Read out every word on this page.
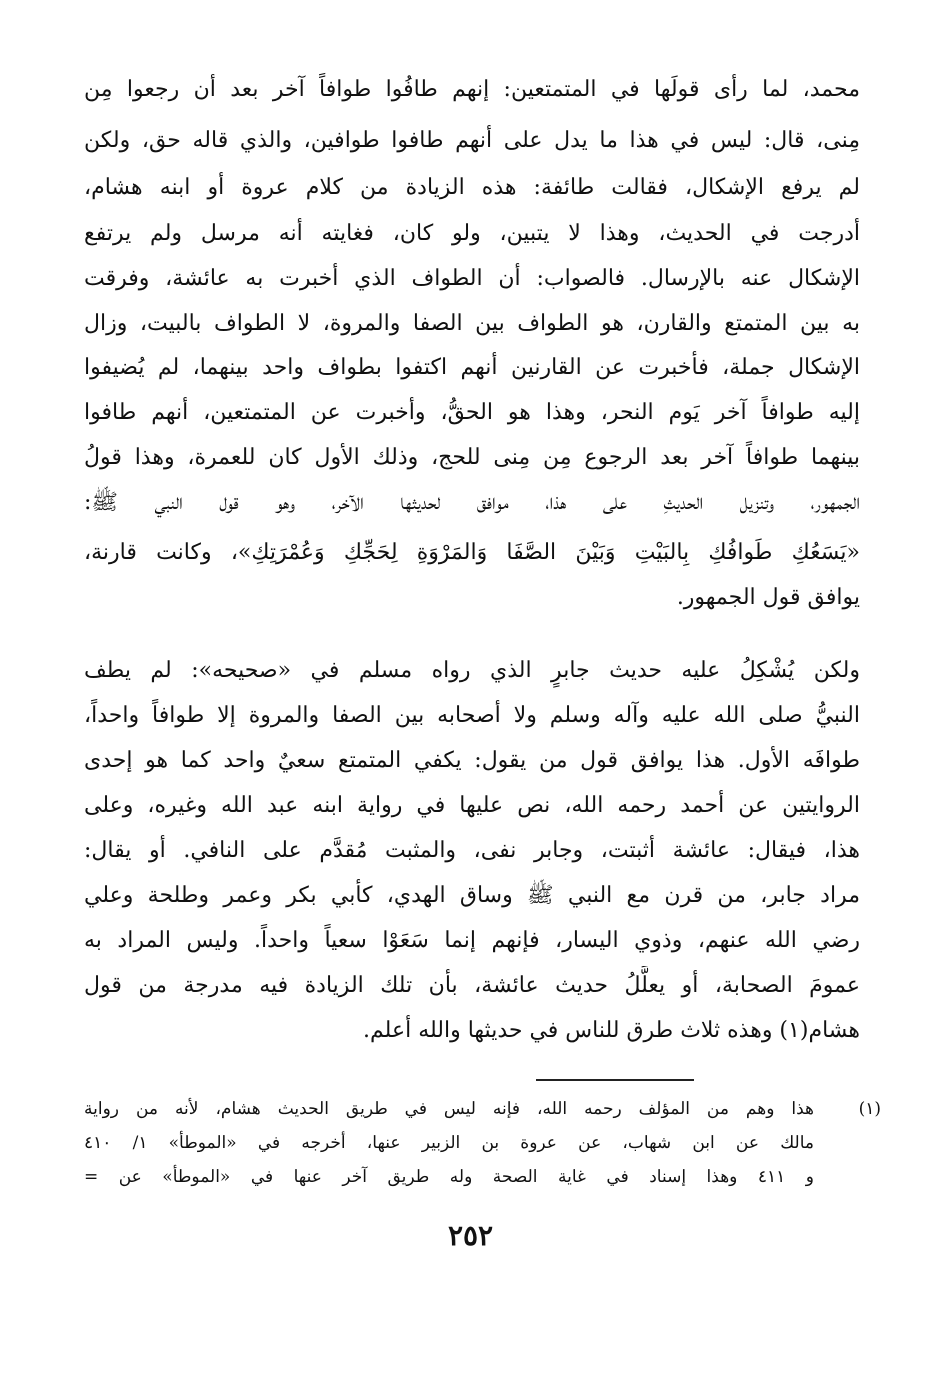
محمد، لما رأى قولَها في المتمتعين: إنهم طافُوا طوافاً آخر بعد أن رجعوا مِن
مِنى، قال: ليس في هذا ما يدل على أنهم طافوا طوافين، والذي قاله حق، ولكن
لم يرفع الإشكال، فقالت طائفة: هذه الزيادة من كلام عروة أو ابنه هشام،
أدرجت في الحديث، وهذا لا يتبين، ولو كان، فغايته أنه مرسل ولم يرتفع
الإشكال عنه بالإرسال. فالصواب: أن الطواف الذي أخبرت به عائشة، وفرقت
به بين المتمتع والقارن، هو الطواف بين الصفا والمروة، لا الطواف بالبيت، وزال
الإشكال جملة، فأخبرت عن القارنين أنهم اكتفوا بطواف واحد بينهما، لم يُضيفوا
إليه طوافاً آخر يَوم النحر، وهذا هو الحقُّ، وأخبرت عن المتمتعين، أنهم طافوا
بينهما طوافاً آخر بعد الرجوع مِن مِنى للحج، وذلك الأول كان للعمرة، وهذا قولُ
الجمهور، وتنزيل الحديثِ على هذا، موافق لحديثها الآخر، وهو قول النبي ﷺ:
«يَسَعُكِ طَوافُكِ بِالبَيْتِ وَبَيْنَ الصَّفَا وَالمَرْوَةِ لِحَجِّكِ وَعُمْرَتِكِ»، وكانت قارنة،
يوافق قول الجمهور.
ولكن يُشْكِلُ عليه حديث جابرٍ الذي رواه مسلم في «صحيحه»: لم يطف
النبيُّ صلى الله عليه وآله وسلم ولا أصحابه بين الصفا والمروة إلا طوافاً واحداً،
طوافَه الأول. هذا يوافق قول من يقول: يكفي المتمتع سعيٌ واحد كما هو إحدى
الروايتين عن أحمد رحمه الله، نص عليها في رواية ابنه عبد الله وغيره، وعلى
هذا، فيقال: عائشة أثبتت، وجابر نفى، والمثبت مُقدَّم على النافي. أو يقال:
مراد جابر، من قرن مع النبي ﷺ وساق الهدي، كأبي بكر وعمر وطلحة وعلي
رضي الله عنهم، وذوي اليسار، فإنهم إنما سَعَوْا سعياً واحداً. وليس المراد به
عمومَ الصحابة، أو يعلَّلُ حديث عائشة، بأن تلك الزيادة فيه مدرجة من قول
هشام(١) وهذه ثلاث طرق للناس في حديثها والله أعلم.
(١)
هذا وهم من المؤلف رحمه الله، فإنه ليس في طريق الحديث هشام، لأنه من رواية
مالك عن ابن شهاب، عن عروة بن الزبير عنها، أخرجه في «الموطأ» ١/ ٤١٠
و ٤١١ وهذا إسناد في غاية الصحة وله طريق آخر عنها في «الموطأ» عن =
٢٥٢
